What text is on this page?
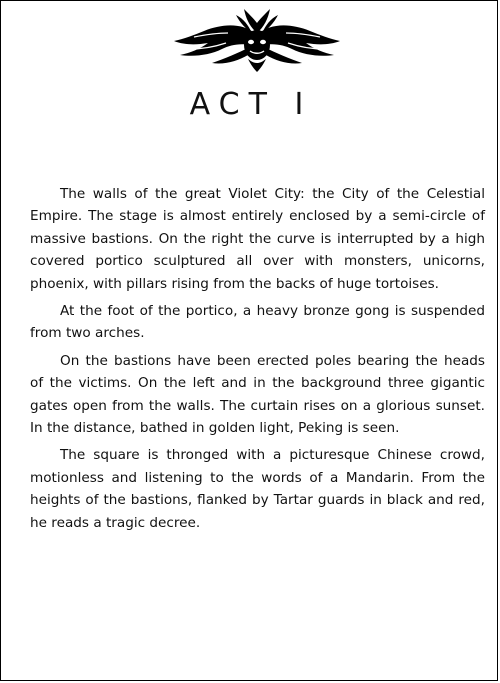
ACT I

The walls of the great Violet City: the City of the Celestial Empire. The stage is almost entirely enclosed by a semi-circle of massive bastions. On the right the curve is interrupted by a high covered portico sculptured all over with monsters, unicorns, phoenix, with pillars rising from the backs of huge tortoises.

At the foot of the portico, a heavy bronze gong is suspended from two arches.

On the bastions have been erected poles bearing the heads of the victims. On the left and in the background three gigantic gates open from the walls. The curtain rises on a glorious sunset. In the distance, bathed in golden light, Peking is seen.

The square is thronged with a picturesque Chinese crowd, motionless and listening to the words of a Mandarin. From the heights of the bastions, flanked by Tartar guards in black and red, he reads a tragic decree.
